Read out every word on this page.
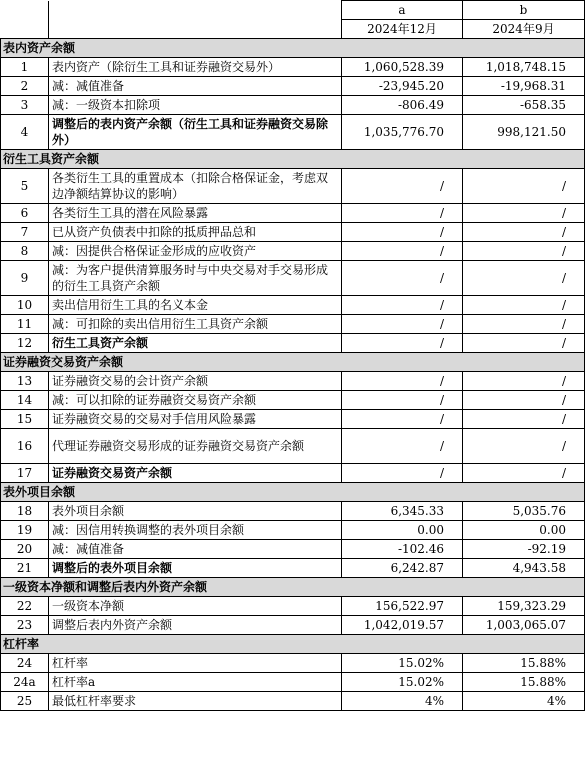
		a	b
		2024年12月	2024年9月
表内资产余额			
1	表内资产（除衍生工具和证券融资交易外）	1,060,528.39	1,018,748.15
2	减：减值准备	-23,945.20	-19,968.31
3	减：一级资本扣除项	-806.49	-658.35
4	调整后的表内资产余额（衍生工具和证券融资交易除外）	1,035,776.70	998,121.50
衍生工具资产余额			
5	各类衍生工具的重置成本（扣除合格保证金，考虑双边净额结算协议的影响）	/	/
6	各类衍生工具的潜在风险暴露	/	/
7	已从资产负债表中扣除的抵质押品总和	/	/
8	减：因提供合格保证金形成的应收资产	/	/
9	减：为客户提供清算服务时与中央交易对手交易形成的衍生工具资产余额	/	/
10	卖出信用衍生工具的名义本金	/	/
11	减：可扣除的卖出信用衍生工具资产余额	/	/
12	衍生工具资产余额	/	/
证券融资交易资产余额			
13	证券融资交易的会计资产余额	/	/
14	减：可以扣除的证券融资交易资产余额	/	/
15	证券融资交易的交易对手信用风险暴露	/	/
16	代理证券融资交易形成的证券融资交易资产余额	/	/
17	证券融资交易资产余额	/	/
表外项目余额			
18	表外项目余额	6,345.33	5,035.76
19	减：因信用转换调整的表外项目余额	0.00	0.00
20	减：减值准备	-102.46	-92.19
21	调整后的表外项目余额	6,242.87	4,943.58
一级资本净额和调整后表内外资产余额			
22	一级资本净额	156,522.97	159,323.29
23	调整后表内外资产余额	1,042,019.57	1,003,065.07
杠杆率			
24	杠杆率	15.02%	15.88%
24a	杠杆率a	15.02%	15.88%
25	最低杠杆率要求	4%	4%
